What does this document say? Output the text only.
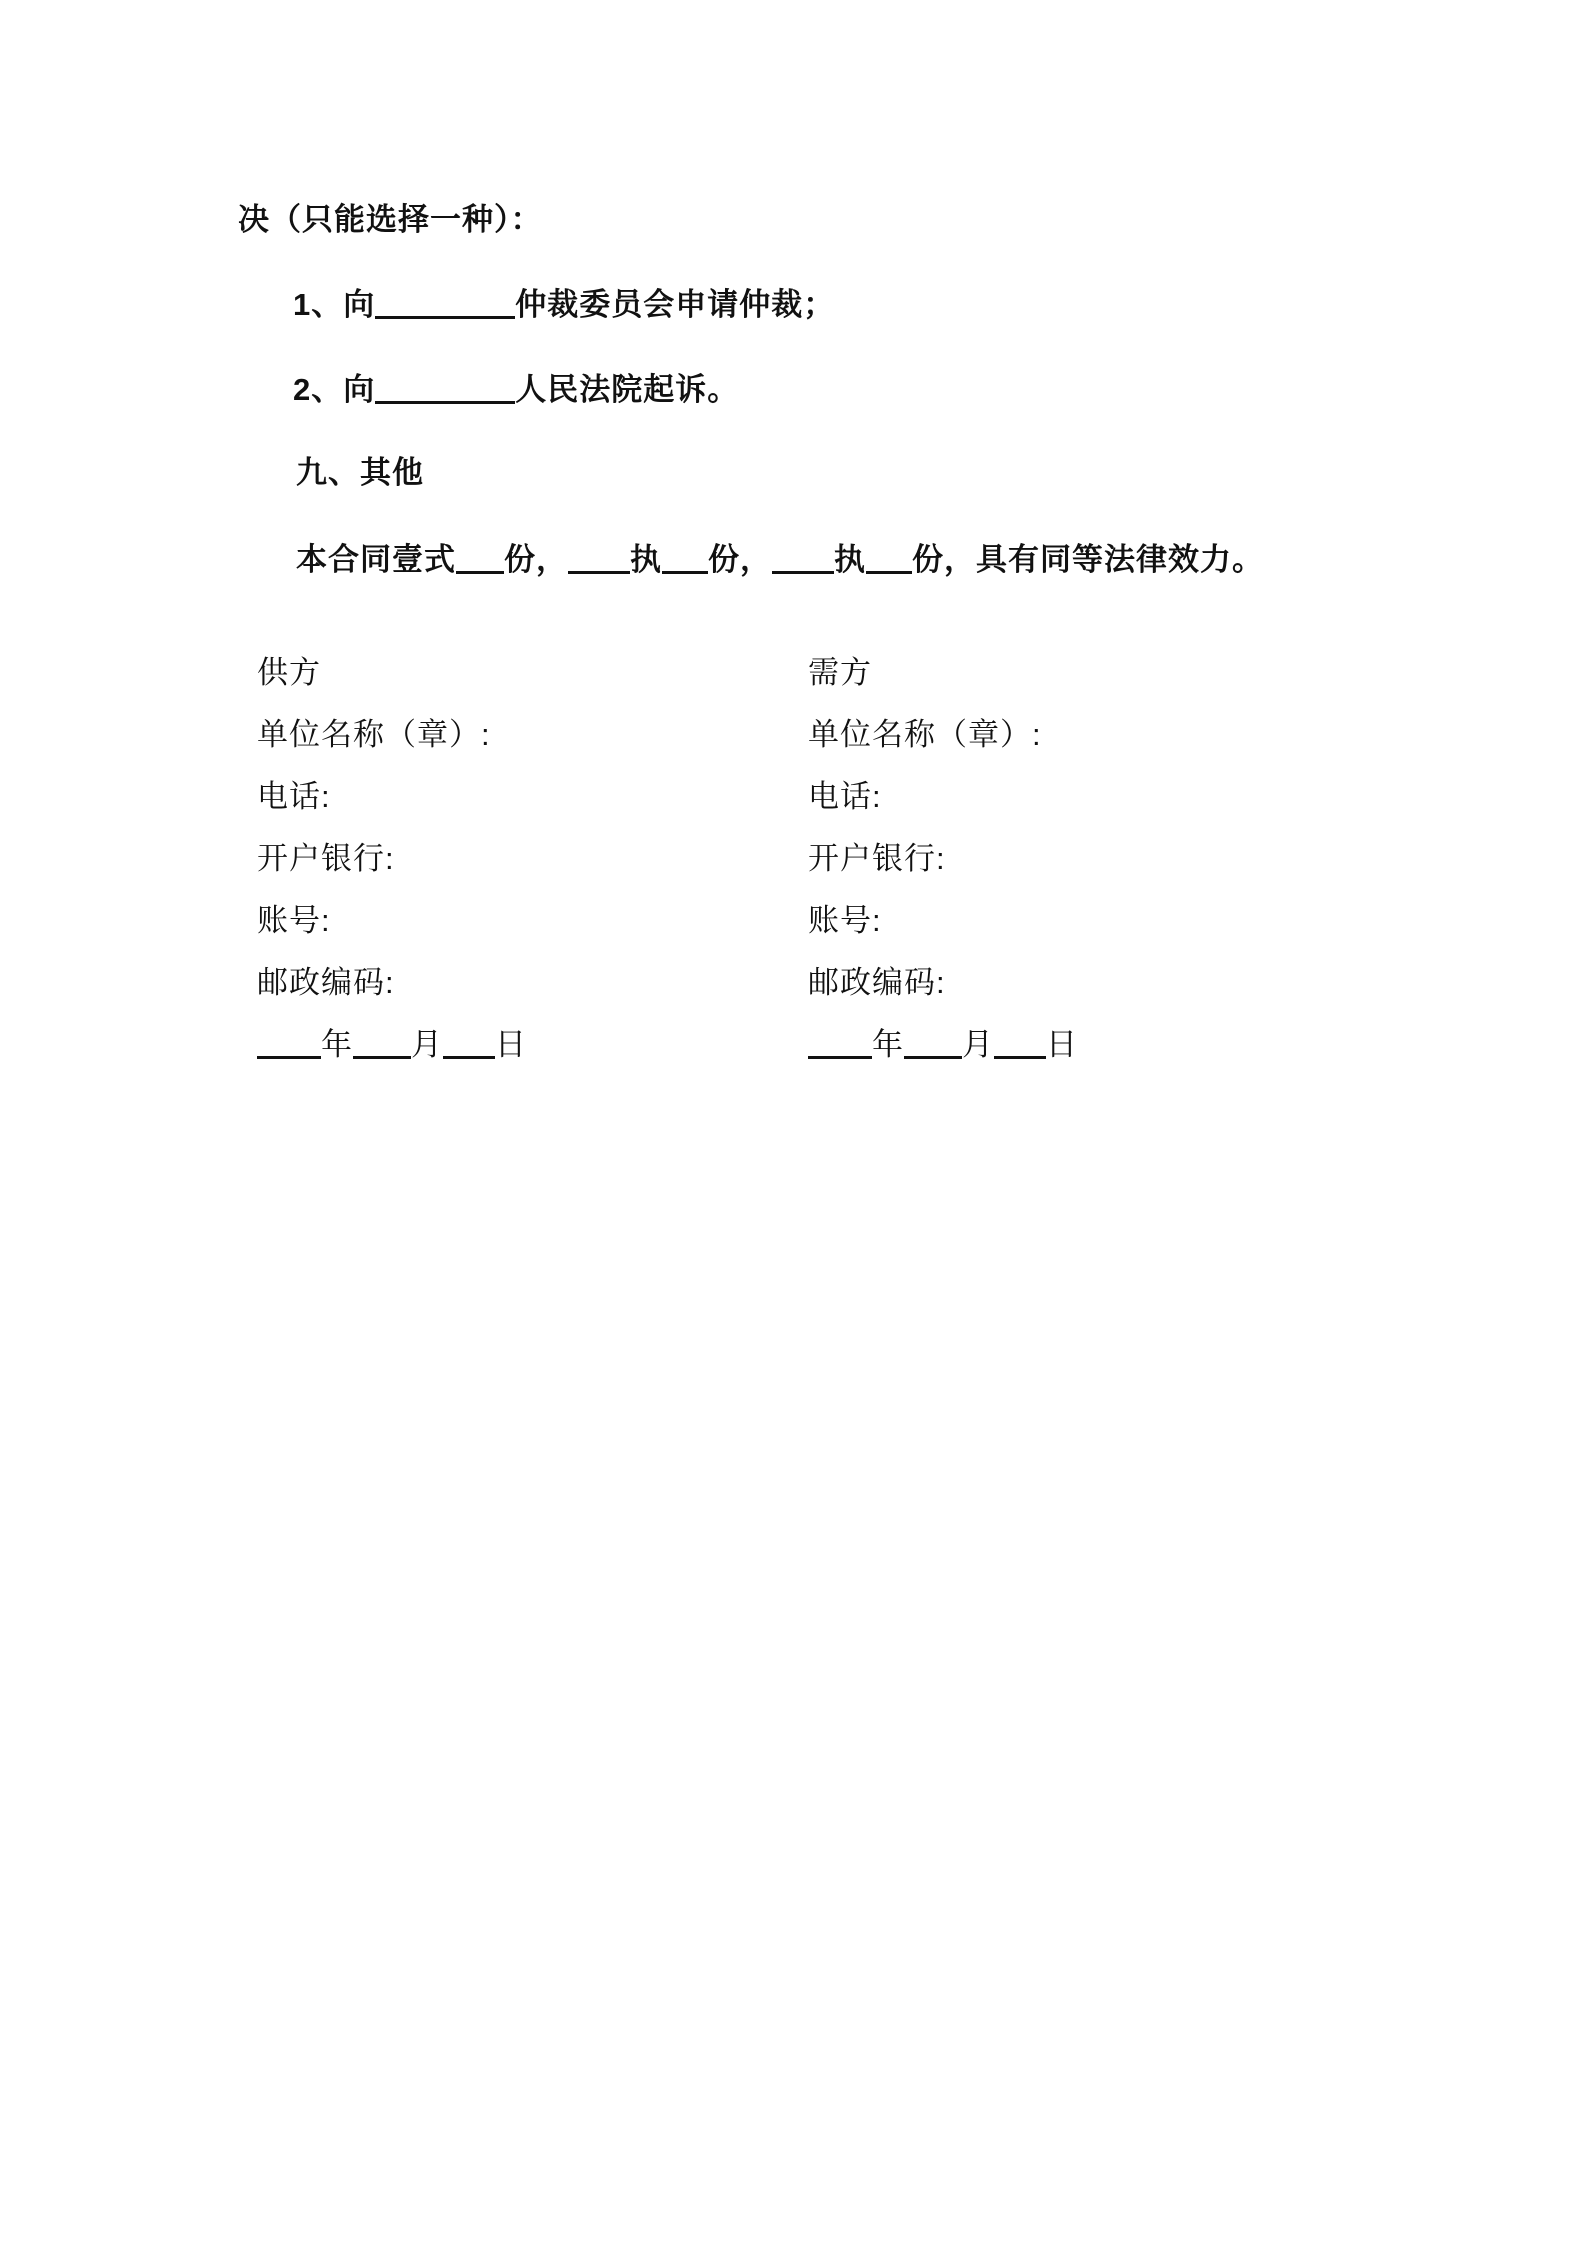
决（只能选择一种）：

1、向	仲裁委员会申请仲裁；

2、向	人民法院起诉。

九、其他

本合同壹式 份， 执 份， 执 份，具有同等法律效力。

供方

单位名称（章）:

电话:

开户银行:

账号:

邮政编码:

年 月 日

需方

单位名称（章）:

电话:

开户银行:

账号:

邮政编码:

年 月 日
